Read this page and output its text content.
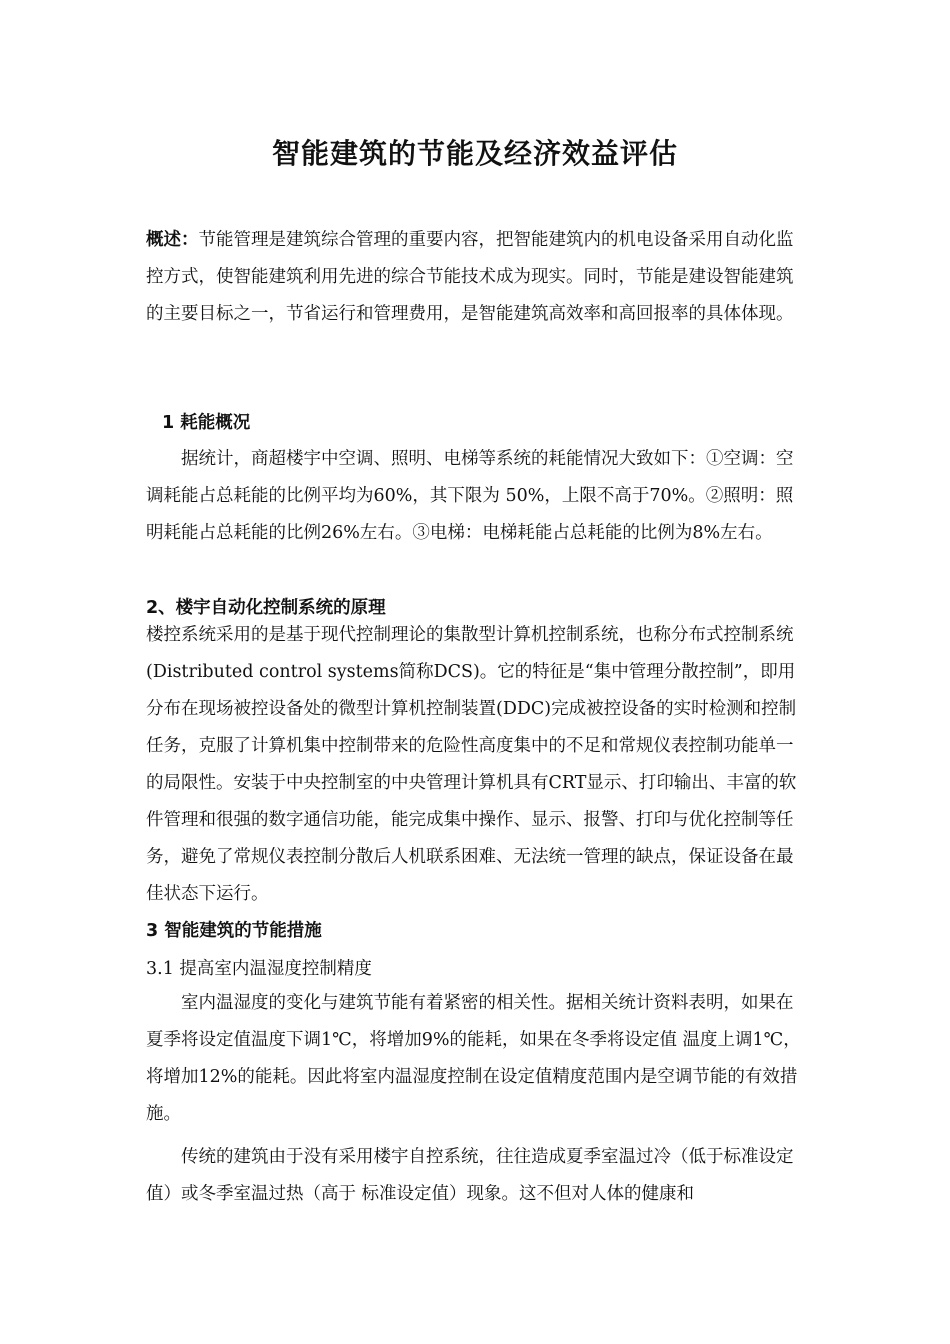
智能建筑的节能及经济效益评估

概述：节能管理是建筑综合管理的重要内容，把智能建筑内的机电设备采用自动化监控方式，使智能建筑利用先进的综合节能技术成为现实。同时，节能是建设智能建筑的主要目标之一，节省运行和管理费用，是智能建筑高效率和高回报率的具体体现。

1 耗能概况

据统计，商超楼宇中空调、照明、电梯等系统的耗能情况大致如下：①空调：空调耗能占总耗能的比例平均为60%，其下限为 50%，上限不高于70%。②照明：照明耗能占总耗能的比例26%左右。③电梯：电梯耗能占总耗能的比例为8%左右。

2、楼宇自动化控制系统的原理

楼控系统采用的是基于现代控制理论的集散型计算机控制系统，也称分布式控制系统(Distributed control systems简称DCS)。它的特征是“集中管理分散控制”，即用分布在现场被控设备处的微型计算机控制装置(DDC)完成被控设备的实时检测和控制任务，克服了计算机集中控制带来的危险性高度集中的不足和常规仪表控制功能单一的局限性。安装于中央控制室的中央管理计算机具有CRT显示、打印输出、丰富的软件管理和很强的数字通信功能，能完成集中操作、显示、报警、打印与优化控制等任务，避免了常规仪表控制分散后人机联系困难、无法统一管理的缺点，保证设备在最佳状态下运行。

3 智能建筑的节能措施
3.1 提高室内温湿度控制精度

室内温湿度的变化与建筑节能有着紧密的相关性。据相关统计资料表明，如果在夏季将设定值温度下调1℃，将增加9%的能耗，如果在冬季将设定值 温度上调1℃，将增加12%的能耗。因此将室内温湿度控制在设定值精度范围内是空调节能的有效措施。

传统的建筑由于没有采用楼宇自控系统，往往造成夏季室温过冷（低于标准设定值）或冬季室温过热（高于 标准设定值）现象。这不但对人体的健康和
